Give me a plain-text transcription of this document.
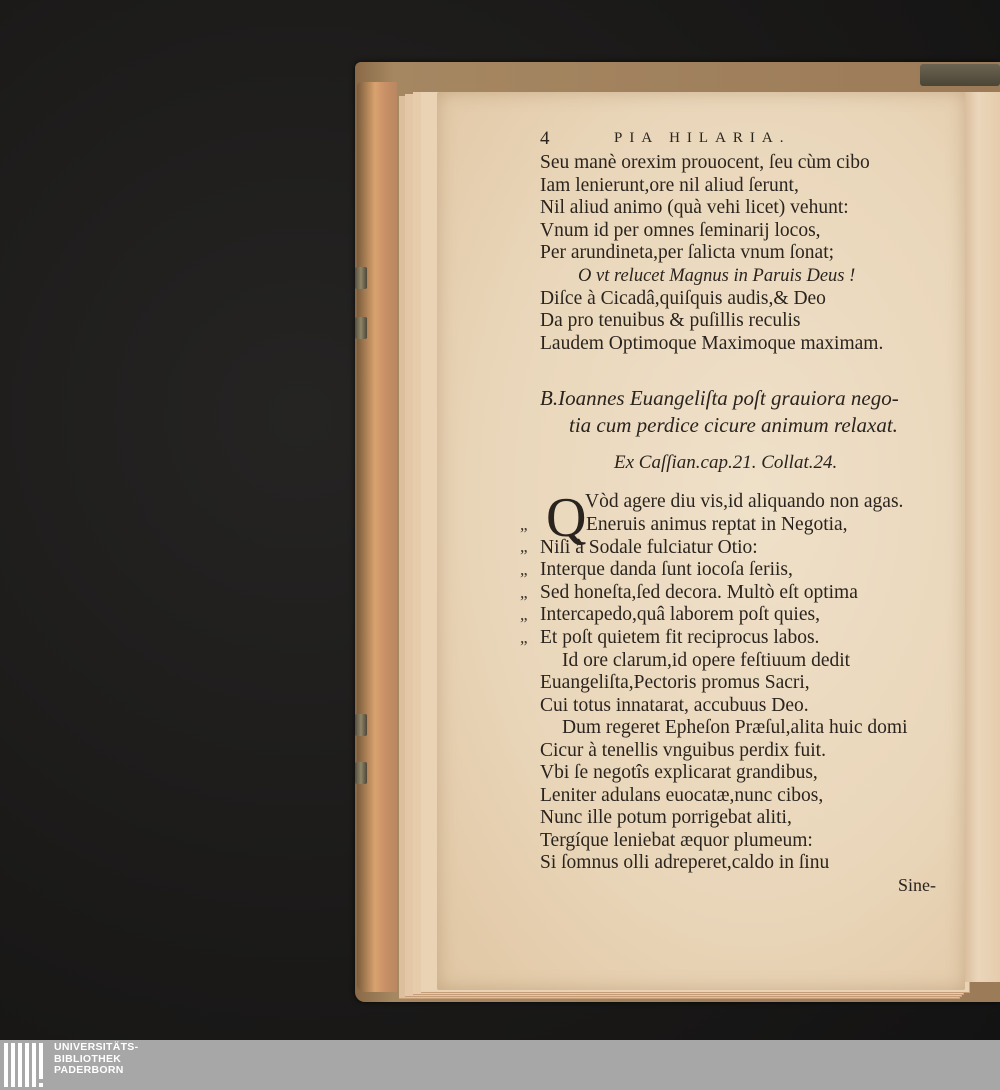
4	PIA HILARIA.
Seu manè orexim prouocent, ſeu cùm cibo
Iam lenierunt,ore nil aliud ſerunt,
Nil aliud animo (quà vehi licet) vehunt:
Vnum id per omnes ſeminarij locos,
Per arundineta,per ſalicta vnum ſonat;
O vt relucet Magnus in Paruis Deus !
Diſce à Cicadâ,quiſquis audis,& Deo
Da pro tenuibus & puſillis reculis
Laudem Optimoque Maximoque maximam.
B.Ioannes Euangeliſta poſt grauiora nego-
tia cum perdice cicure animum relaxat.
Ex Caſſian.cap.21. Collat.24.
Q
„
„
„
„
„
„
Vòd agere diu vis,id aliquando non agas.
Eneruis animus reptat in Negotia,
Niſi à Sodale fulciatur Otio:
Interque danda ſunt iocoſa ſeriis,
Sed honeſta,ſed decora. Multò eſt optima
Intercapedo,quâ laborem poſt quies,
Et poſt quietem fit reciprocus labos.
Id ore clarum,id opere feſtiuum dedit
Euangeliſta,Pectoris promus Sacri,
Cui totus innatarat, accubuus Deo.
Dum regeret Epheſon Præſul,alita huic domi
Cicur à tenellis vnguibus perdix fuit.
Vbi ſe negotîs explicarat grandibus,
Leniter adulans euocatæ,nunc cibos,
Nunc ille potum porrigebat aliti,
Tergíque leniebat æquor plumeum:
Si ſomnus olli adreperet,caldo in ſinu
Sine-
UNIVERSITÄTS-
BIBLIOTHEK
PADERBORN
